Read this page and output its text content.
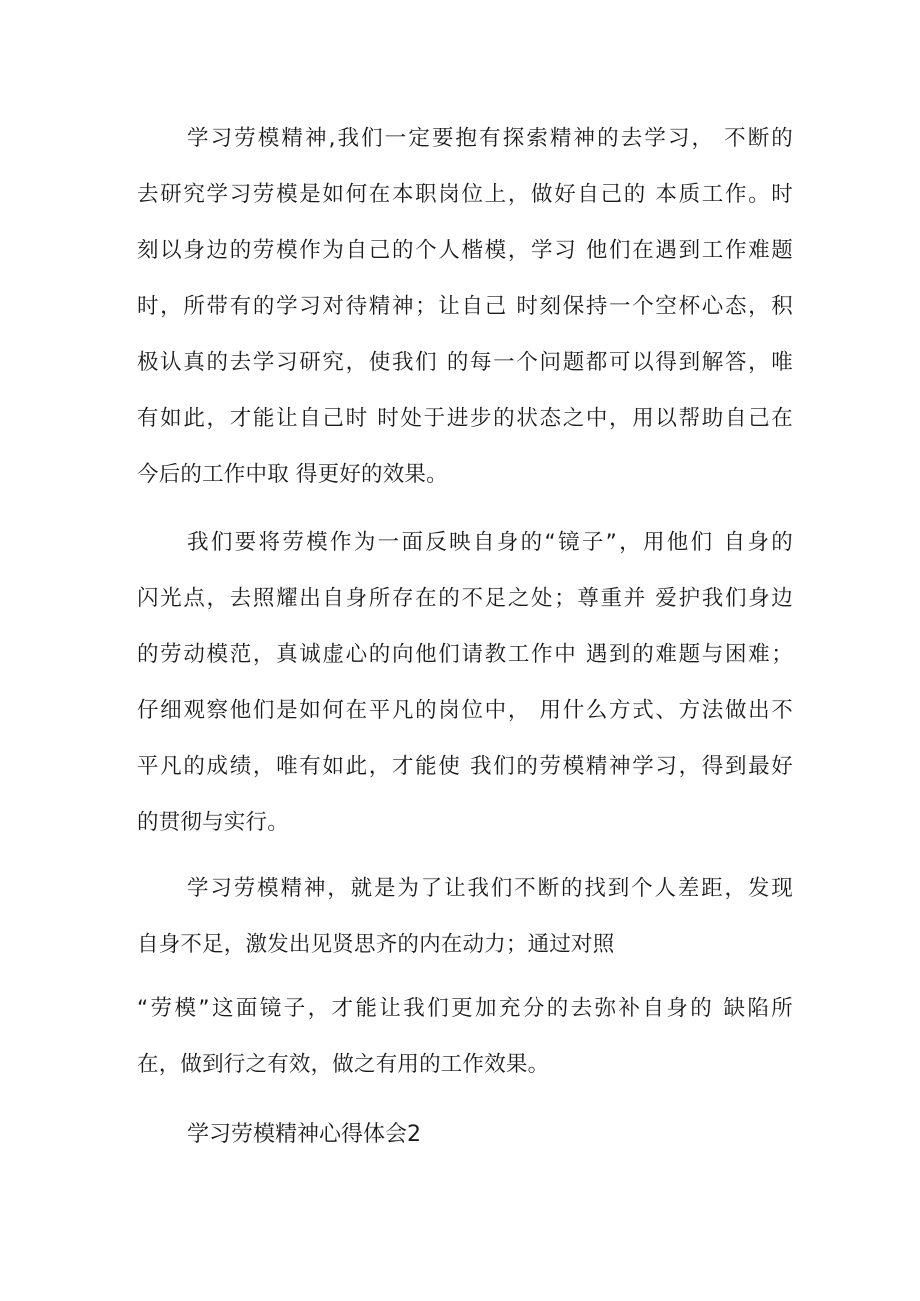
学习劳模精神,我们一定要抱有探索精神的去学习， 不断的
去研究学习劳模是如何在本职岗位上，做好自己的 本质工作。时
刻以身边的劳模作为自己的个人楷模，学习 他们在遇到工作难题
时，所带有的学习对待精神；让自己 时刻保持一个空杯心态，积
极认真的去学习研究，使我们 的每一个问题都可以得到解答，唯
有如此，才能让自己时 时处于进步的状态之中，用以帮助自己在
今后的工作中取 得更好的效果。
我们要将劳模作为一面反映自身的“镜子”，用他们 自身的
闪光点，去照耀出自身所存在的不足之处；尊重并 爱护我们身边
的劳动模范，真诚虚心的向他们请教工作中 遇到的难题与困难；
仔细观察他们是如何在平凡的岗位中， 用什么方式、方法做出不
平凡的成绩，唯有如此，才能使 我们的劳模精神学习，得到最好
的贯彻与实行。
学习劳模精神，就是为了让我们不断的找到个人差距，发现
自身不足，激发出见贤思齐的内在动力；通过对照
“劳模”这面镜子，才能让我们更加充分的去弥补自身的 缺陷所
在，做到行之有效，做之有用的工作效果。
学习劳模精神心得体会2
